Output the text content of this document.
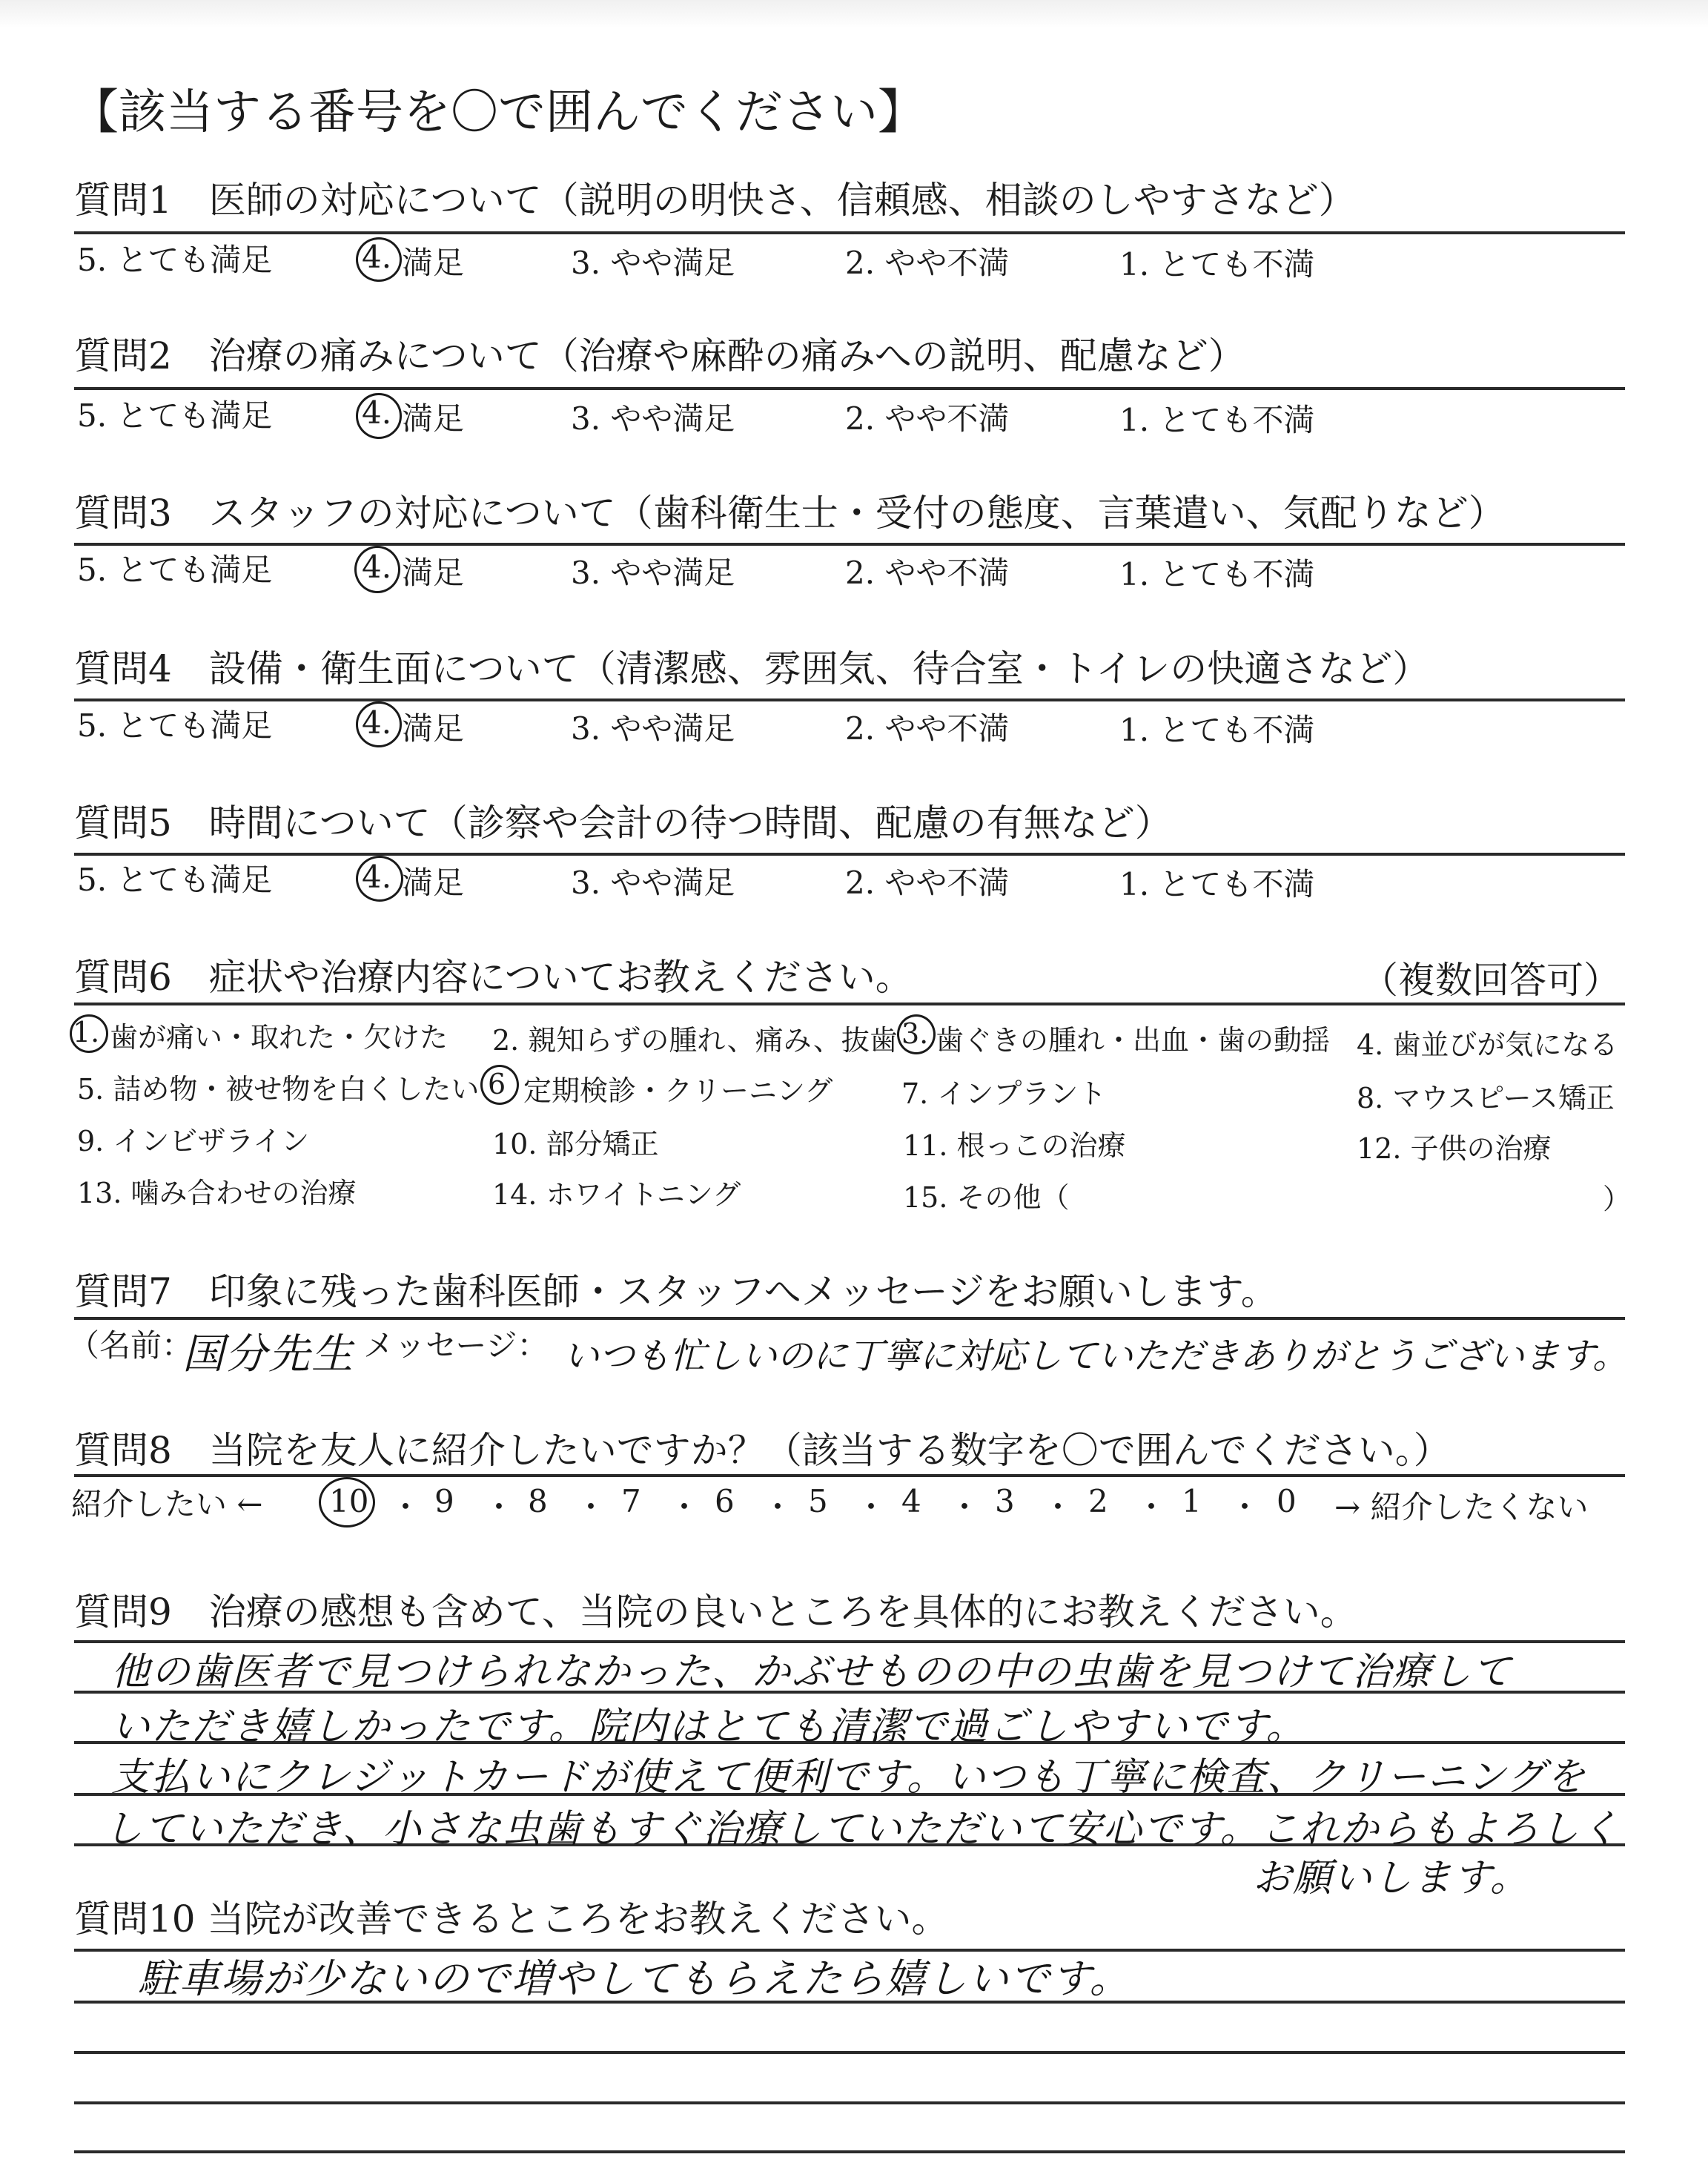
【該当する番号を〇で囲んでください】
質問1　医師の対応について（説明の明快さ、信頼感、相談のしやすさなど）
5. とても満足	4. 満足	3. やや満足	2. やや不満	1. とても不満
質問2　治療の痛みについて（治療や麻酔の痛みへの説明、配慮など）
5. とても満足	4. 満足	3. やや満足	2. やや不満	1. とても不満
質問3　スタッフの対応について（歯科衛生士・受付の態度、言葉遣い、気配りなど）
5. とても満足	4. 満足	3. やや満足	2. やや不満	1. とても不満
質問4　設備・衛生面について（清潔感、雰囲気、待合室・トイレの快適さなど）
5. とても満足	4. 満足	3. やや満足	2. やや不満	1. とても不満
質問5　時間について（診察や会計の待つ時間、配慮の有無など）
5. とても満足	4. 満足	3. やや満足	2. やや不満	1. とても不満
質問6　症状や治療内容についてお教えください。	（複数回答可）
1. 歯が痛い・取れた・欠けた 2. 親知らずの腫れ、痛み、抜歯 3. 歯ぐきの腫れ・出血・歯の動揺 4. 歯並びが気になる
5. 詰め物・被せ物を白くしたい 6 定期検診・クリーニング 7. インプラント	8. マウスピース矯正
9. インビザライン	10. 部分矯正	11. 根っこの治療	12. 子供の治療
13. 噛み合わせの治療	14. ホワイトニング	15. その他（	）
質問7　印象に残った歯科医師・スタッフへメッセージをお願いします。
（名前：
国分先生 メッセージ： いつも忙しいのに丁寧に対応していただきありがとうございます。
質問8　当院を友人に紹介したいですか？（該当する数字を〇で囲んでください。）
紹介したい ← 10 ・ 9 ・ 8 ・ 7 ・ 6 ・ 5 ・ 4 ・ 3 ・ 2 ・ 1 ・ 0 → 紹介したくない
質問9　治療の感想も含めて、当院の良いところを具体的にお教えください。
他の歯医者で見つけられなかった、かぶせものの中の虫歯を見つけて治療して
いただき嬉しかったです。院内はとても清潔で過ごしやすいです。
支払いにクレジットカードが使えて便利です。いつも丁寧に検査、クリーニングを
していただき、小さな虫歯もすぐ治療していただいて安心です。これからもよろしく
お願いします。
質問10 当院が改善できるところをお教えください。
駐車場が少ないので増やしてもらえたら嬉しいです。
